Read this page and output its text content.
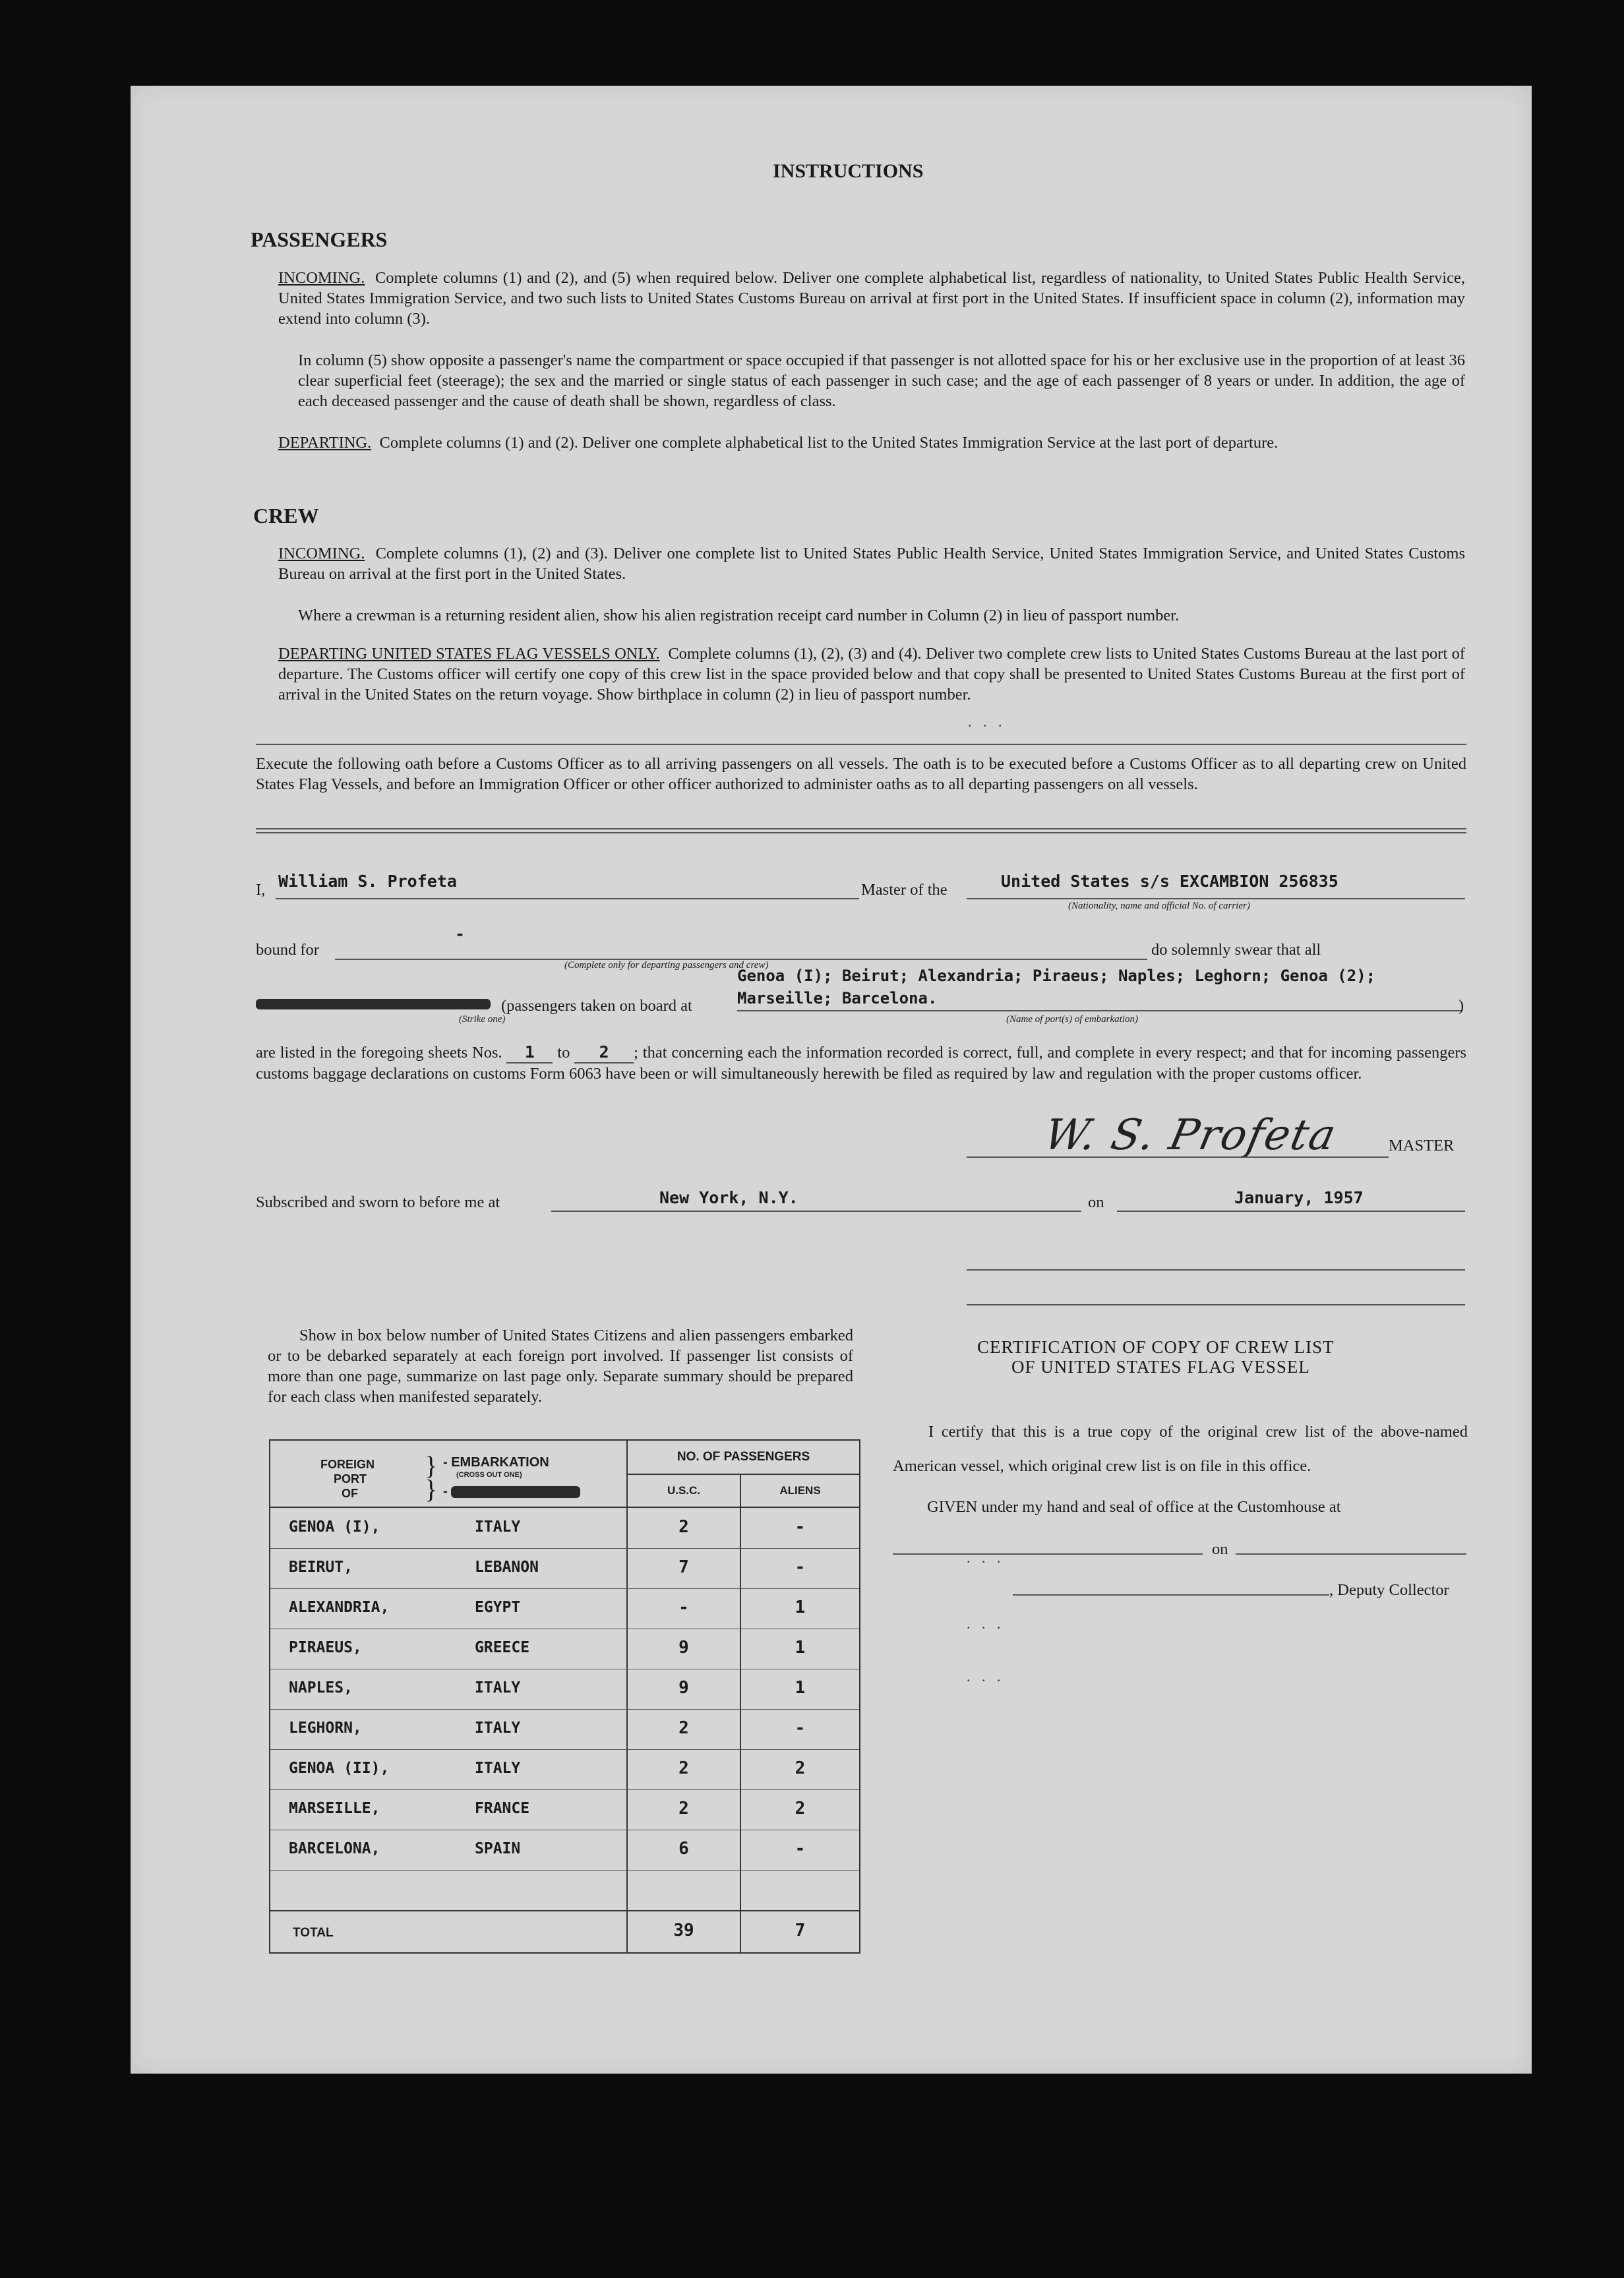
INSTRUCTIONS
PASSENGERS
INCOMING. Complete columns (1) and (2), and (5) when required below. Deliver one complete alphabetical list, regardless of nationality, to United States Public Health Service, United States Immigration Service, and two such lists to United States Customs Bureau on arrival at first port in the United States. If insufficient space in column (2), information may extend into column (3).
In column (5) show opposite a passenger's name the compartment or space occupied if that passenger is not allotted space for his or her exclusive use in the proportion of at least 36 clear superficial feet (steerage); the sex and the married or single status of each passenger in such case; and the age of each passenger of 8 years or under. In addition, the age of each deceased passenger and the cause of death shall be shown, regardless of class.
DEPARTING. Complete columns (1) and (2). Deliver one complete alphabetical list to the United States Immigration Service at the last port of departure.
CREW
INCOMING. Complete columns (1), (2) and (3). Deliver one complete list to United States Public Health Service, United States Immigration Service, and United States Customs Bureau on arrival at the first port in the United States.
Where a crewman is a returning resident alien, show his alien registration receipt card number in Column (2) in lieu of passport number.
DEPARTING UNITED STATES FLAG VESSELS ONLY. Complete columns (1), (2), (3) and (4). Deliver two complete crew lists to United States Customs Bureau at the last port of departure. The Customs officer will certify one copy of this crew list in the space provided below and that copy shall be presented to United States Customs Bureau at the first port of arrival in the United States on the return voyage. Show birthplace in column (2) in lieu of passport number.
. . .
Execute the following oath before a Customs Officer as to all arriving passengers on all vessels. The oath is to be executed before a Customs Officer as to all departing crew on United States Flag Vessels, and before an Immigration Officer or other officer authorized to administer oaths as to all departing passengers on all vessels.
I, William S. Profeta	Master of the	United States s/s EXCAMBION 256835
(Nationality, name and official No. of carrier)
bound for
-
(Complete only for departing passengers and crew)
do solemnly swear that all
Genoa (I); Beirut; Alexandria; Piraeus; Naples; Leghorn; Genoa (2);
Marseille; Barcelona.
(passengers taken on board at	)
(Strike one)	(Name of port(s) of embarkation)
are listed in the foregoing sheets Nos. 1 to 2 ; that concerning each the information recorded is correct, full, and complete in every respect; and that for incoming passengers customs baggage declarations on customs Form 6063 have been or will simultaneously herewith be filed as required by law and regulation with the proper customs officer.
W. S. Profeta	MASTER
Subscribed and sworn to before me at	New York, N.Y.	on	January, 1957
Show in box below number of United States Citizens and alien passengers embarked or to be debarked separately at each foreign port involved. If passenger list consists of more than one page, summarize on last page only. Separate summary should be prepared for each class when manifested separately.
FOREIGN
PORT
OF
}
}
- EMBARKATION
(CROSS OUT ONE)
-
NO. OF PASSENGERS
U.S.C.	ALIENS
GENOA (I),	ITALY	2	-
BEIRUT,	LEBANON	7	-
ALEXANDRIA,	EGYPT	-	1
PIRAEUS,	GREECE	9	1
NAPLES,	ITALY	9	1
LEGHORN,	ITALY	2	-
GENOA (II),	ITALY	2	2
MARSEILLE,	FRANCE	2	2
BARCELONA,	SPAIN	6	-
TOTAL	39	7
CERTIFICATION OF COPY OF CREW LIST
OF UNITED STATES FLAG VESSEL
I certify that this is a true copy of the original crew list of the above-named American vessel, which original crew list is on file in this office.
GIVEN under my hand and seal of office at the Customhouse at
on
, Deputy Collector
. . .
. . .
. . .
